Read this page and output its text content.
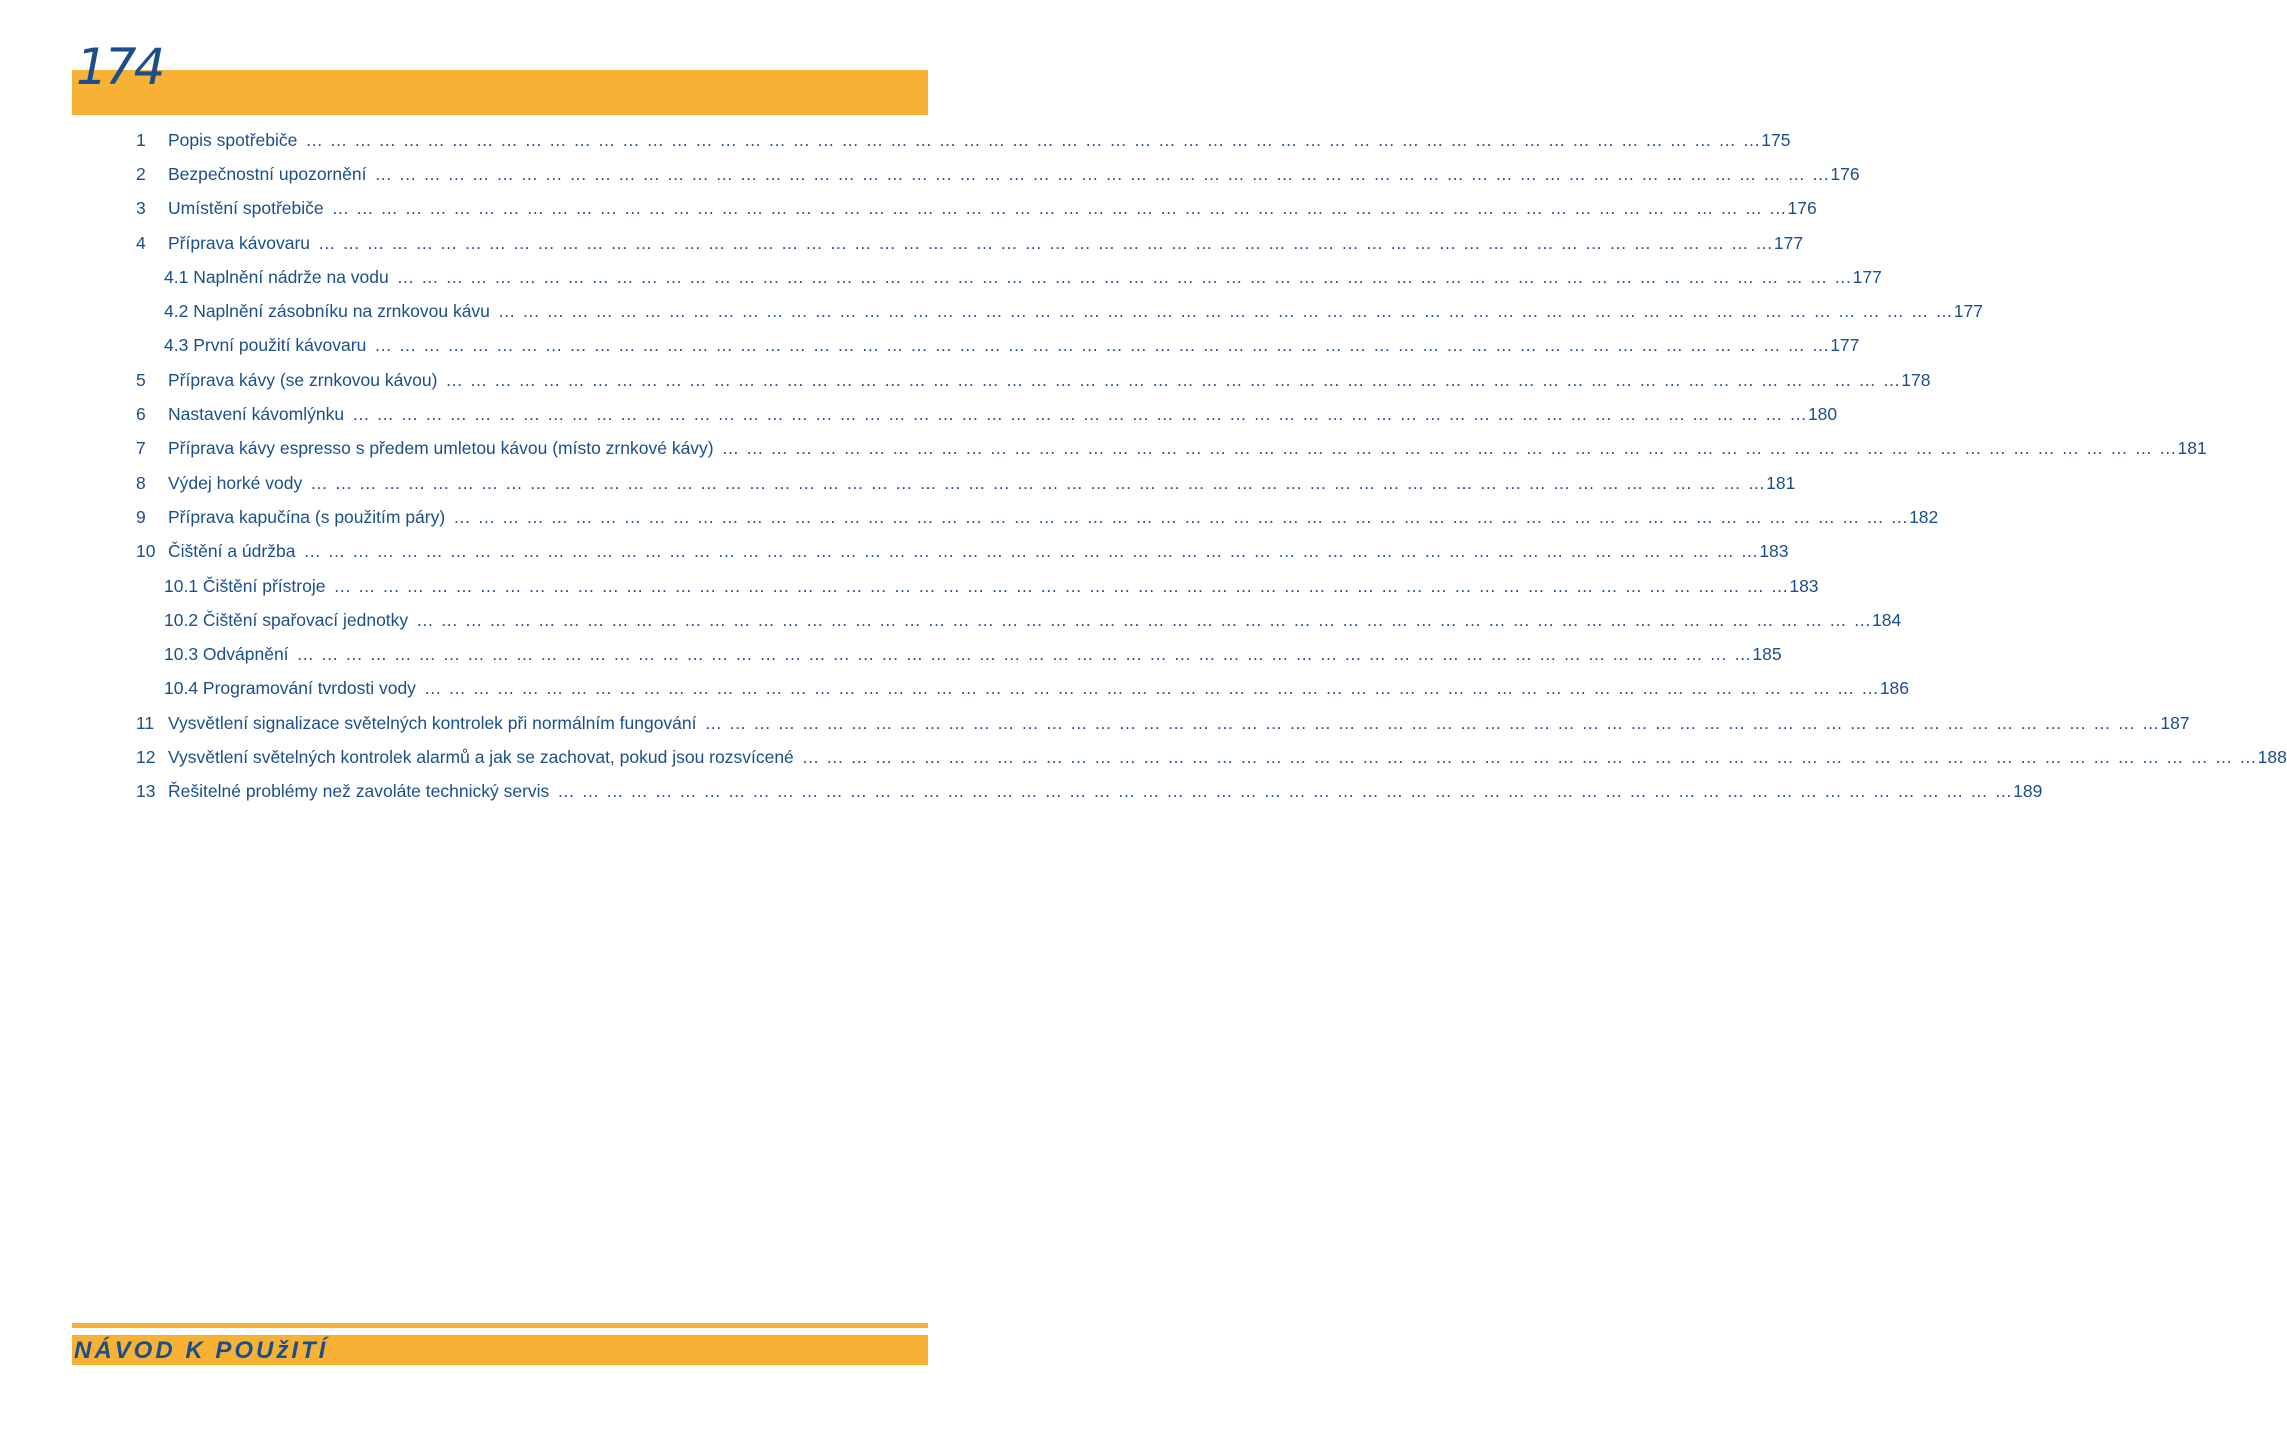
174
1	Popis spotřebiče … … … … … … … … … … … … … … … … … … … … … … … … … … … … … … … … … … … … … … … … … … … … … … … … … … … … … … … … … … … … 175
2	Bezpečnostní upozornění … … … … … … … … … … … … … … … … … … … … … … … … … … … … … … … … … … … … … … … … … … … … … … … … … … … … … … … … … … … … 176
3	Umístění spotřebiče … … … … … … … … … … … … … … … … … … … … … … … … … … … … … … … … … … … … … … … … … … … … … … … … … … … … … … … … … … … … 176
4	Příprava kávovaru … … … … … … … … … … … … … … … … … … … … … … … … … … … … … … … … … … … … … … … … … … … … … … … … … … … … … … … … … … … … 177
4.1 Naplnění nádrže na vodu … … … … … … … … … … … … … … … … … … … … … … … … … … … … … … … … … … … … … … … … … … … … … … … … … … … … … … … … … … … … 177
4.2 Naplnění zásobníku na zrnkovou kávu … … … … … … … … … … … … … … … … … … … … … … … … … … … … … … … … … … … … … … … … … … … … … … … … … … … … … … … … … … … … 177
4.3 První použití kávovaru … … … … … … … … … … … … … … … … … … … … … … … … … … … … … … … … … … … … … … … … … … … … … … … … … … … … … … … … … … … … 177
5	Příprava kávy (se zrnkovou kávou) … … … … … … … … … … … … … … … … … … … … … … … … … … … … … … … … … … … … … … … … … … … … … … … … … … … … … … … … … … … … 178
6	Nastavení kávomlýnku … … … … … … … … … … … … … … … … … … … … … … … … … … … … … … … … … … … … … … … … … … … … … … … … … … … … … … … … … … … … 180
7	Příprava kávy espresso s předem umletou kávou (místo zrnkové kávy) … … … … … … … … … … … … … … … … … … … … … … … … … … … … … … … … … … … … … … … … … … … … … … … … … … … … … … … … … … … … 181
8	Výdej horké vody … … … … … … … … … … … … … … … … … … … … … … … … … … … … … … … … … … … … … … … … … … … … … … … … … … … … … … … … … … … … 181
9	Příprava kapučína (s použitím páry) … … … … … … … … … … … … … … … … … … … … … … … … … … … … … … … … … … … … … … … … … … … … … … … … … … … … … … … … … … … … 182
10 Čištění a údržba … … … … … … … … … … … … … … … … … … … … … … … … … … … … … … … … … … … … … … … … … … … … … … … … … … … … … … … … … … … … 183
10.1 Čištění přístroje … … … … … … … … … … … … … … … … … … … … … … … … … … … … … … … … … … … … … … … … … … … … … … … … … … … … … … … … … … … … 183
10.2 Čištění spařovací jednotky … … … … … … … … … … … … … … … … … … … … … … … … … … … … … … … … … … … … … … … … … … … … … … … … … … … … … … … … … … … … 184
10.3 Odvápnění … … … … … … … … … … … … … … … … … … … … … … … … … … … … … … … … … … … … … … … … … … … … … … … … … … … … … … … … … … … … 185
10.4 Programování tvrdosti vody … … … … … … … … … … … … … … … … … … … … … … … … … … … … … … … … … … … … … … … … … … … … … … … … … … … … … … … … … … … … 186
11 Vysvětlení signalizace světelných kontrolek při normálním fungování … … … … … … … … … … … … … … … … … … … … … … … … … … … … … … … … … … … … … … … … … … … … … … … … … … … … … … … … … … … … 187
12 Vysvětlení světelných kontrolek alarmů a jak se zachovat, pokud jsou rozsvícené … … … … … … … … … … … … … … … … … … … … … … … … … … … … … … … … … … … … … … … … … … … … … … … … … … … … … … … … … … … … 188
13 Řešitelné problémy než zavoláte technický servis … … … … … … … … … … … … … … … … … … … … … … … … … … … … … … … … … … … … … … … … … … … … … … … … … … … … … … … … … … … … 189
NÁVOD K POUžITÍ
